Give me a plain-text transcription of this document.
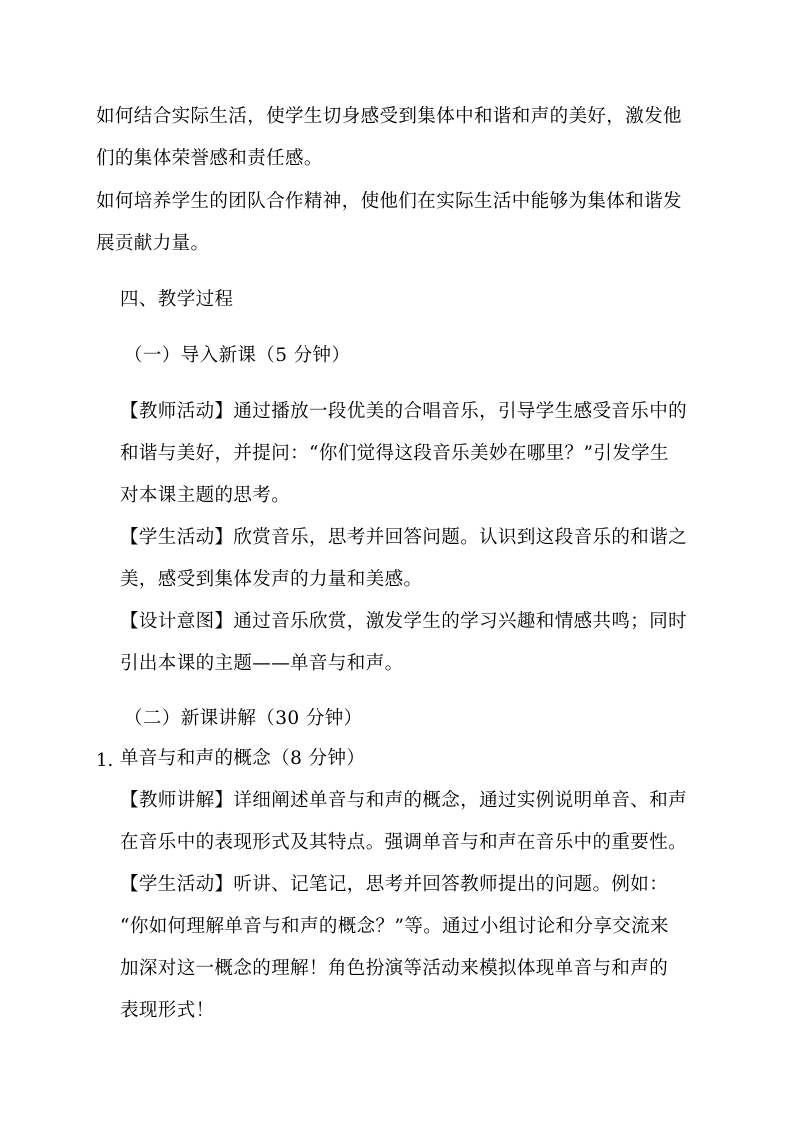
如何结合实际生活，使学生切身感受到集体中和谐和声的美好，激发他
们的集体荣誉感和责任感。
如何培养学生的团队合作精神，使他们在实际生活中能够为集体和谐发
展贡献力量。
四、教学过程
（一）导入新课（5 分钟）
【教师活动】通过播放一段优美的合唱音乐，引导学生感受音乐中的
和谐与美好，并提问：“你们觉得这段音乐美妙在哪里？”引发学生
对本课主题的思考。
【学生活动】欣赏音乐，思考并回答问题。认识到这段音乐的和谐之
美，感受到集体发声的力量和美感。
【设计意图】通过音乐欣赏，激发学生的学习兴趣和情感共鸣；同时
引出本课的主题——单音与和声。
（二）新课讲解（30 分钟）
1. 单音与和声的概念（8 分钟）
【教师讲解】详细阐述单音与和声的概念，通过实例说明单音、和声
在音乐中的表现形式及其特点。强调单音与和声在音乐中的重要性。
【学生活动】听讲、记笔记，思考并回答教师提出的问题。例如：
“你如何理解单音与和声的概念？”等。通过小组讨论和分享交流来
加深对这一概念的理解！角色扮演等活动来模拟体现单音与和声的
表现形式！
